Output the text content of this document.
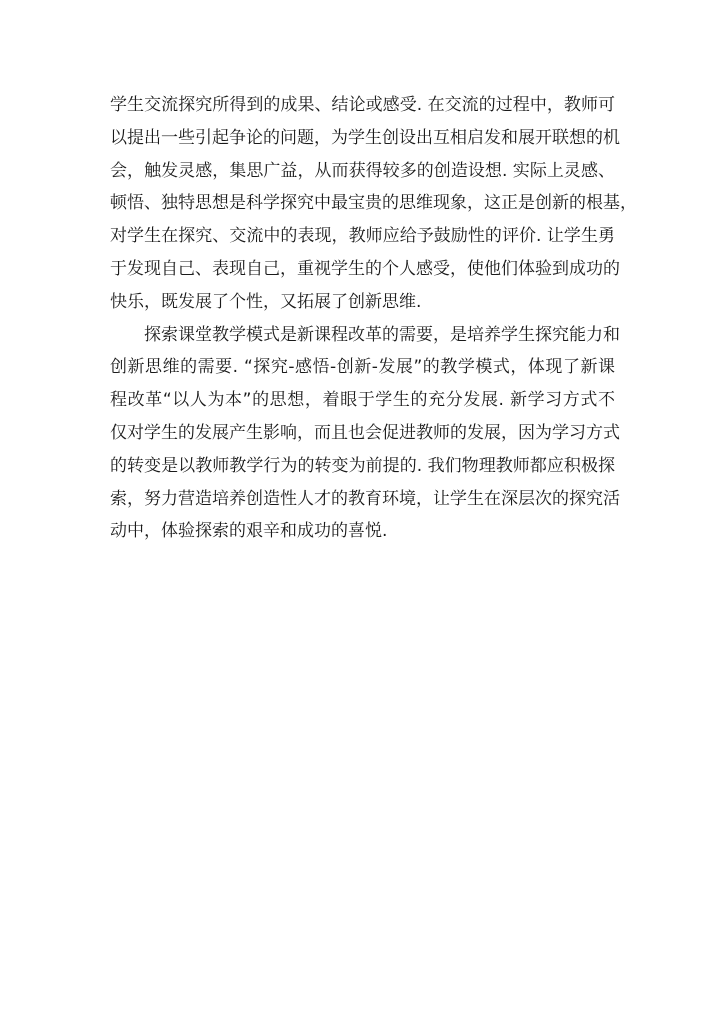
学生交流探究所得到的成果、结论或感受. 在交流的过程中，教师可
以提出一些引起争论的问题，为学生创设出互相启发和展开联想的机
会，触发灵感，集思广益，从而获得较多的创造设想. 实际上灵感、
顿悟、独特思想是科学探究中最宝贵的思维现象，这正是创新的根基，
对学生在探究、交流中的表现，教师应给予鼓励性的评价. 让学生勇
于发现自己、表现自己，重视学生的个人感受，使他们体验到成功的
快乐，既发展了个性，又拓展了创新思维.
　　探索课堂教学模式是新课程改革的需要，是培养学生探究能力和
创新思维的需要. “探究-感悟-创新-发展”的教学模式，体现了新课
程改革“以人为本”的思想，着眼于学生的充分发展. 新学习方式不
仅对学生的发展产生影响，而且也会促进教师的发展，因为学习方式
的转变是以教师教学行为的转变为前提的. 我们物理教师都应积极探
索，努力营造培养创造性人才的教育环境，让学生在深层次的探究活
动中，体验探索的艰辛和成功的喜悦.
